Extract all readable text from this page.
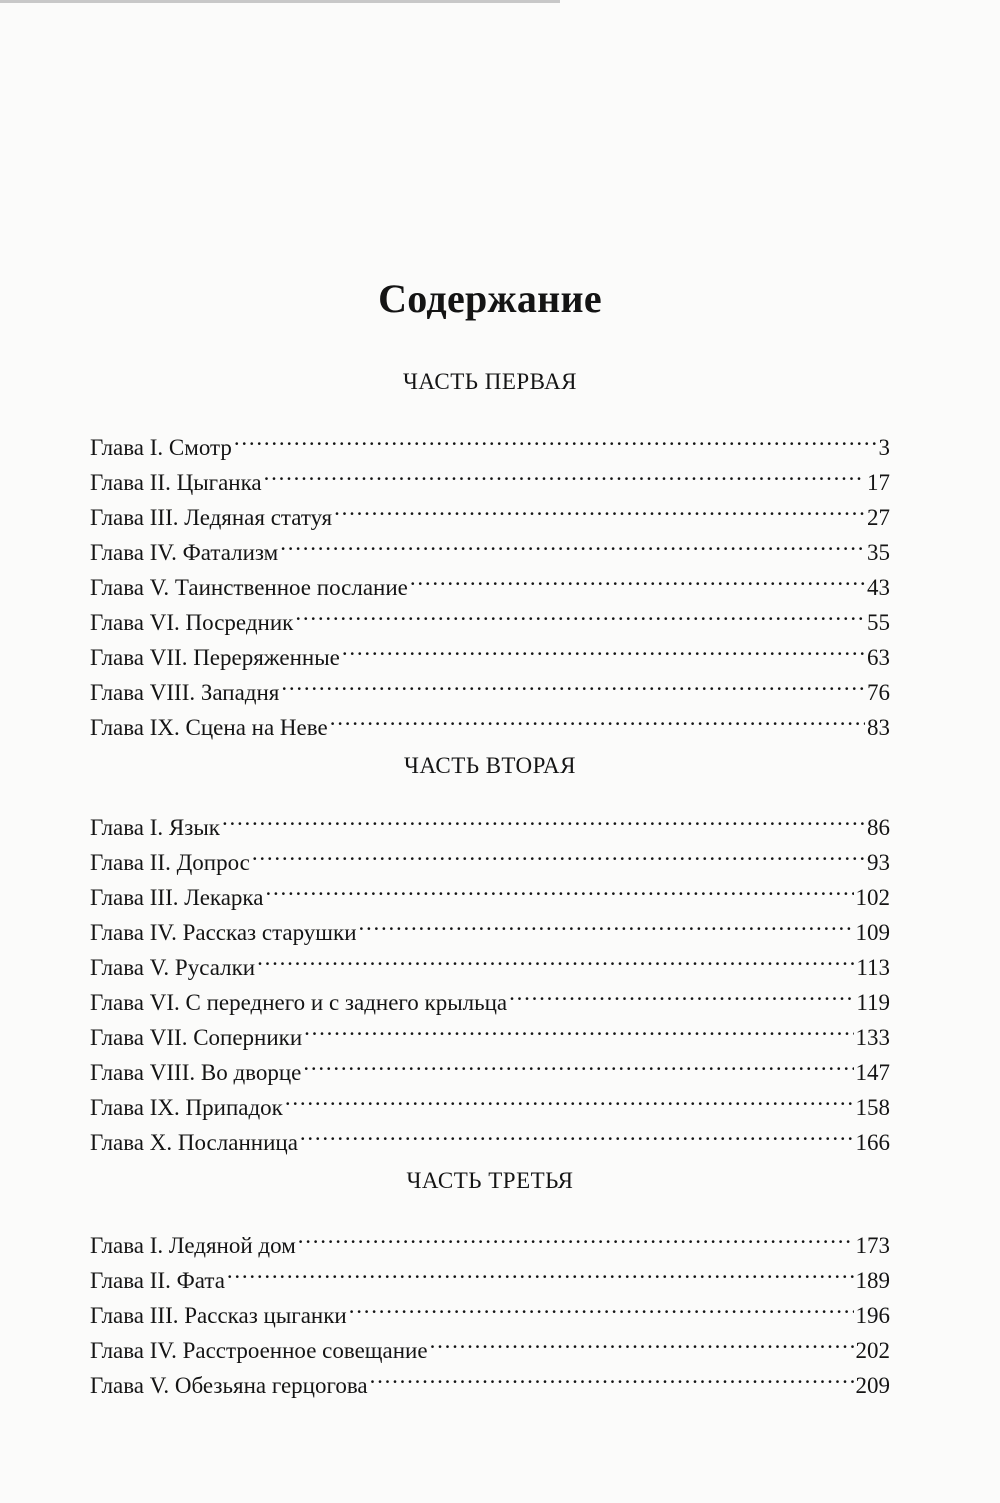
Содержание
ЧАСТЬ ПЕРВАЯ
Глава I. Смотр . . .	3
Глава II. Цыганка . . .	17
Глава III. Ледяная статуя . . .	27
Глава IV. Фатализм . . .	35
Глава V. Таинственное послание . . .	43
Глава VI. Посредник . . .	55
Глава VII. Переряженные . . .	63
Глава VIII. Западня . . .	76
Глава IX. Сцена на Неве . . .	83
ЧАСТЬ ВТОРАЯ
Глава I. Язык . . .	86
Глава II. Допрос . . .	93
Глава III. Лекарка . . .	102
Глава IV. Рассказ старушки . . .	109
Глава V. Русалки . . .	113
Глава VI. С переднего и с заднего крыльца . . .	119
Глава VII. Соперники . . .	133
Глава VIII. Во дворце . . .	147
Глава IX. Припадок . . .	158
Глава X. Посланница . . .	166
ЧАСТЬ ТРЕТЬЯ
Глава I. Ледяной дом . . .	173
Глава II. Фата . . .	189
Глава III. Рассказ цыганки . . .	196
Глава IV. Расстроенное совещание . . .	202
Глава V. Обезьяна герцогова . . .	209
